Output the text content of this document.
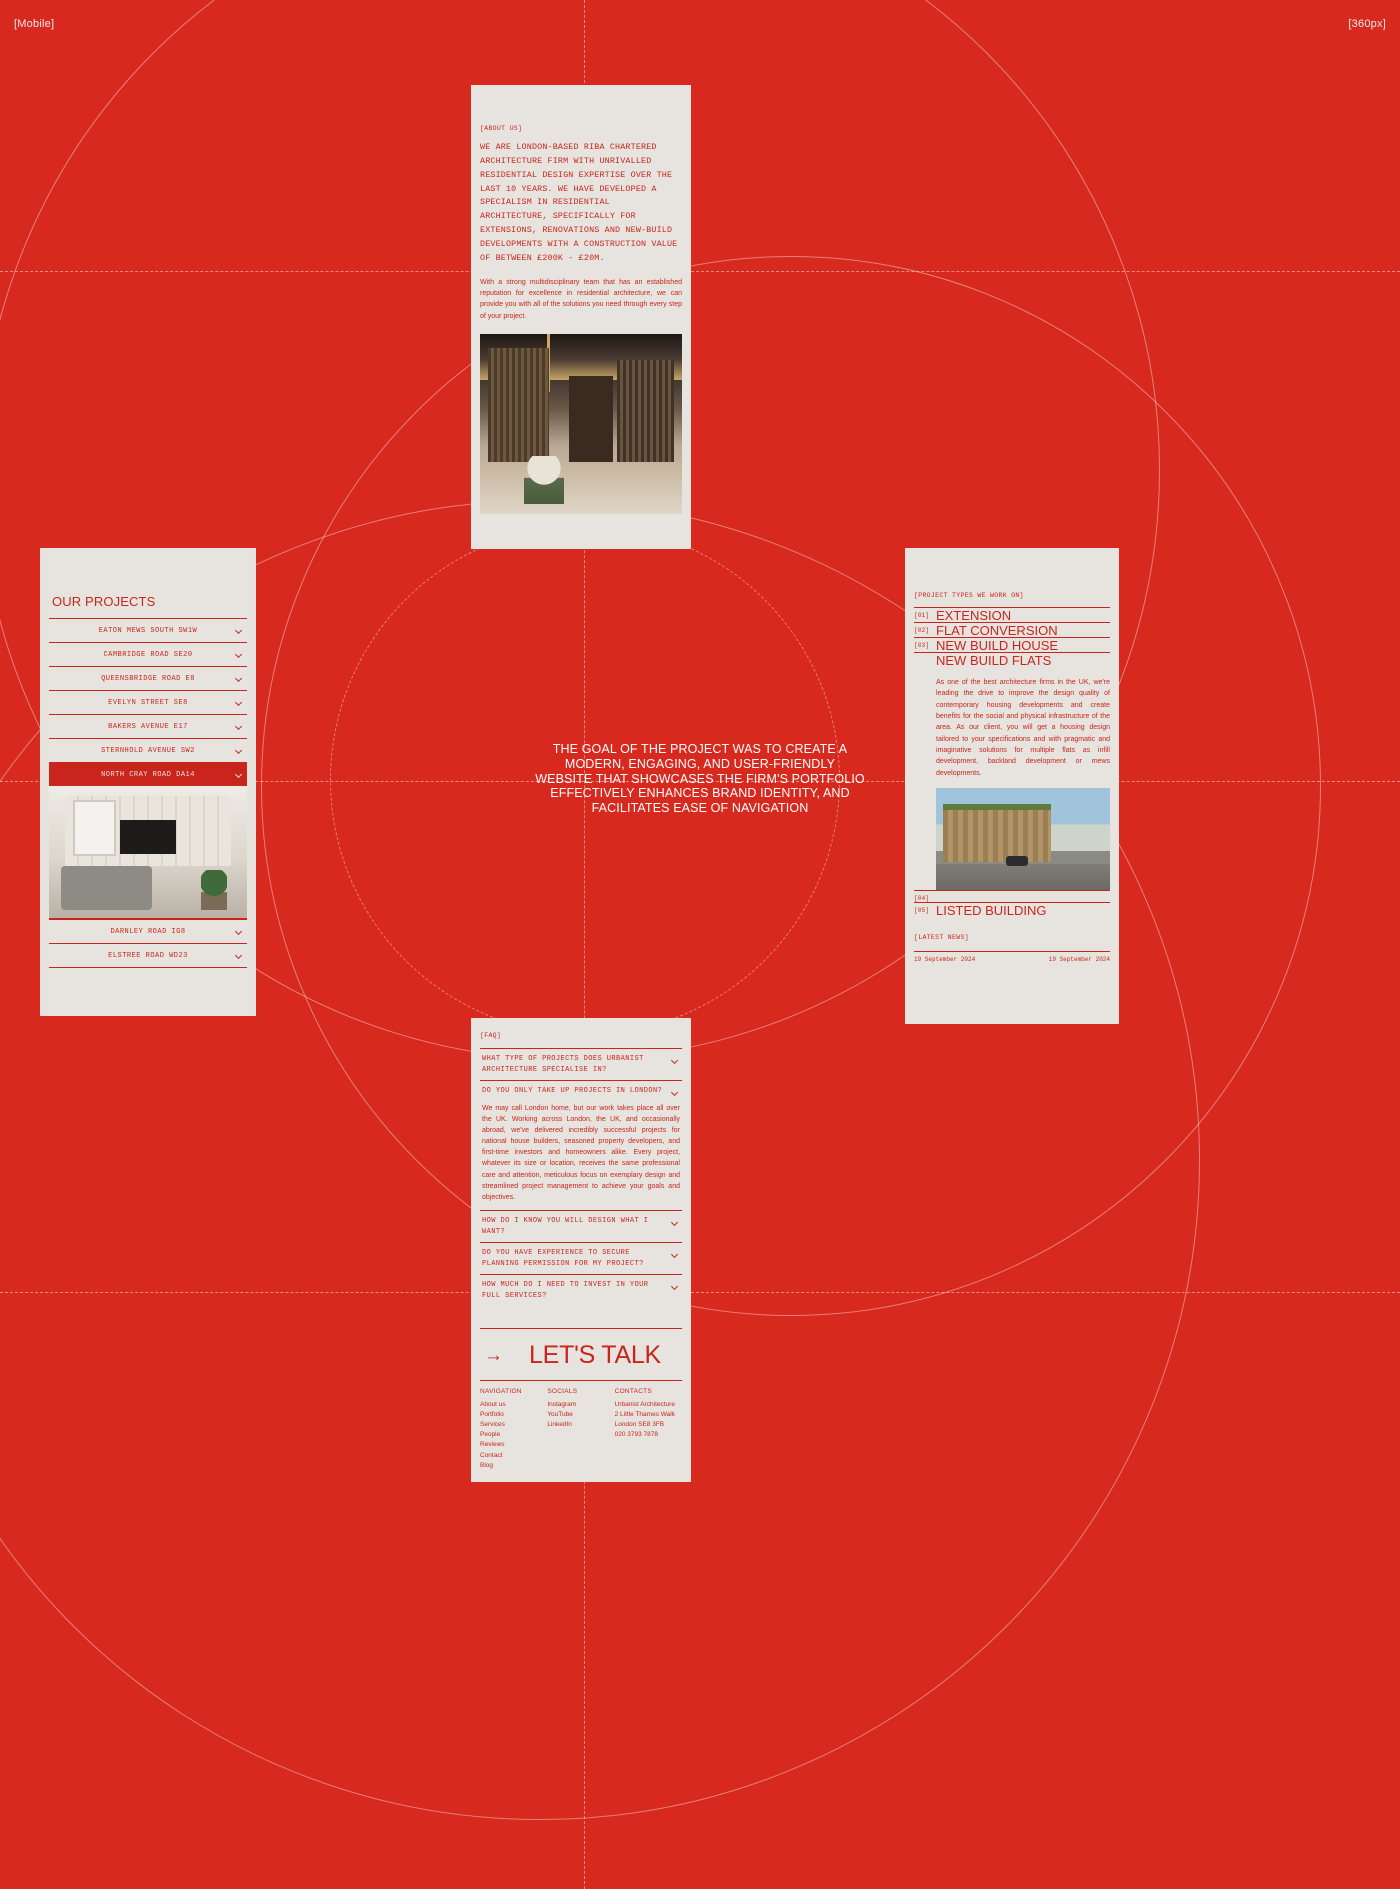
[Mobile]	[360px]
THE GOAL OF THE PROJECT WAS TO CREATE A MODERN, ENGAGING, AND USER-FRIENDLY WEBSITE THAT SHOWCASES THE FIRM'S PORTFOLIO EFFECTIVELY ENHANCES BRAND IDENTITY, AND FACILITATES EASE OF NAVIGATION
[ABOUT US]
WE ARE LONDON-BASED RIBA CHARTERED ARCHITECTURE FIRM WITH UNRIVALLED RESIDENTIAL DESIGN EXPERTISE OVER THE LAST 10 YEARS. WE HAVE DEVELOPED A SPECIALISM IN RESIDENTIAL ARCHITECTURE, SPECIFICALLY FOR EXTENSIONS, RENOVATIONS AND NEW-BUILD DEVELOPMENTS WITH A CONSTRUCTION VALUE OF BETWEEN £200K - £20M.
With a strong multidisciplinary team that has an established reputation for excellence in residential architecture, we can provide you with all of the solutions you need through every step of your project.
OUR PROJECTS
EATON MEWS SOUTH SW1W
CAMBRIDGE ROAD SE20
QUEENSBRIDGE ROAD E8
EVELYN STREET SE8
BAKERS AVENUE E17
STERNHOLD AVENUE SW2
NORTH CRAY ROAD DA14
DARNLEY ROAD IG8
ELSTREE ROAD WD23
[PROJECT TYPES WE WORK ON]
[01] EXTENSION
[02] FLAT CONVERSION
[03] NEW BUILD HOUSE
NEW BUILD FLATS
As one of the best architecture firms in the UK, we're leading the drive to improve the design quality of contemporary housing developments and create benefits for the social and physical infrastructure of the area. As our client, you will get a housing design tailored to your specifications and with pragmatic and imaginative solutions for multiple flats as infill development, backland development or mews developments.
[04]
[05] LISTED BUILDING
[LATEST NEWS]
19 September 2024	19 September 2024
[FAQ]
WHAT TYPE OF PROJECTS DOES URBANIST ARCHITECTURE SPECIALISE IN?
DO YOU ONLY TAKE UP PROJECTS IN LONDON?
We may call London home, but our work takes place all over the UK. Working across London, the UK, and occasionally abroad, we've delivered incredibly successful projects for national house builders, seasoned property developers, and first-time investors and homeowners alike. Every project, whatever its size or location, receives the same professional care and attention, meticulous focus on exemplary design and streamlined project management to achieve your goals and objectives.
HOW DO I KNOW YOU WILL DESIGN WHAT I WANT?
DO YOU HAVE EXPERIENCE TO SECURE PLANNING PERMISSION FOR MY PROJECT?
HOW MUCH DO I NEED TO INVEST IN YOUR FULL SERVICES?
→ LET'S TALK
NAVIGATION
About us
Portfolio
Services
People
Reviews
Contact
Blog
SOCIALS
Instagram
YouTube
LinkedIn
CONTACTS
Urbanist Architecture
2 Little Thames Walk
London SE8 3FB
020 3793 7878
